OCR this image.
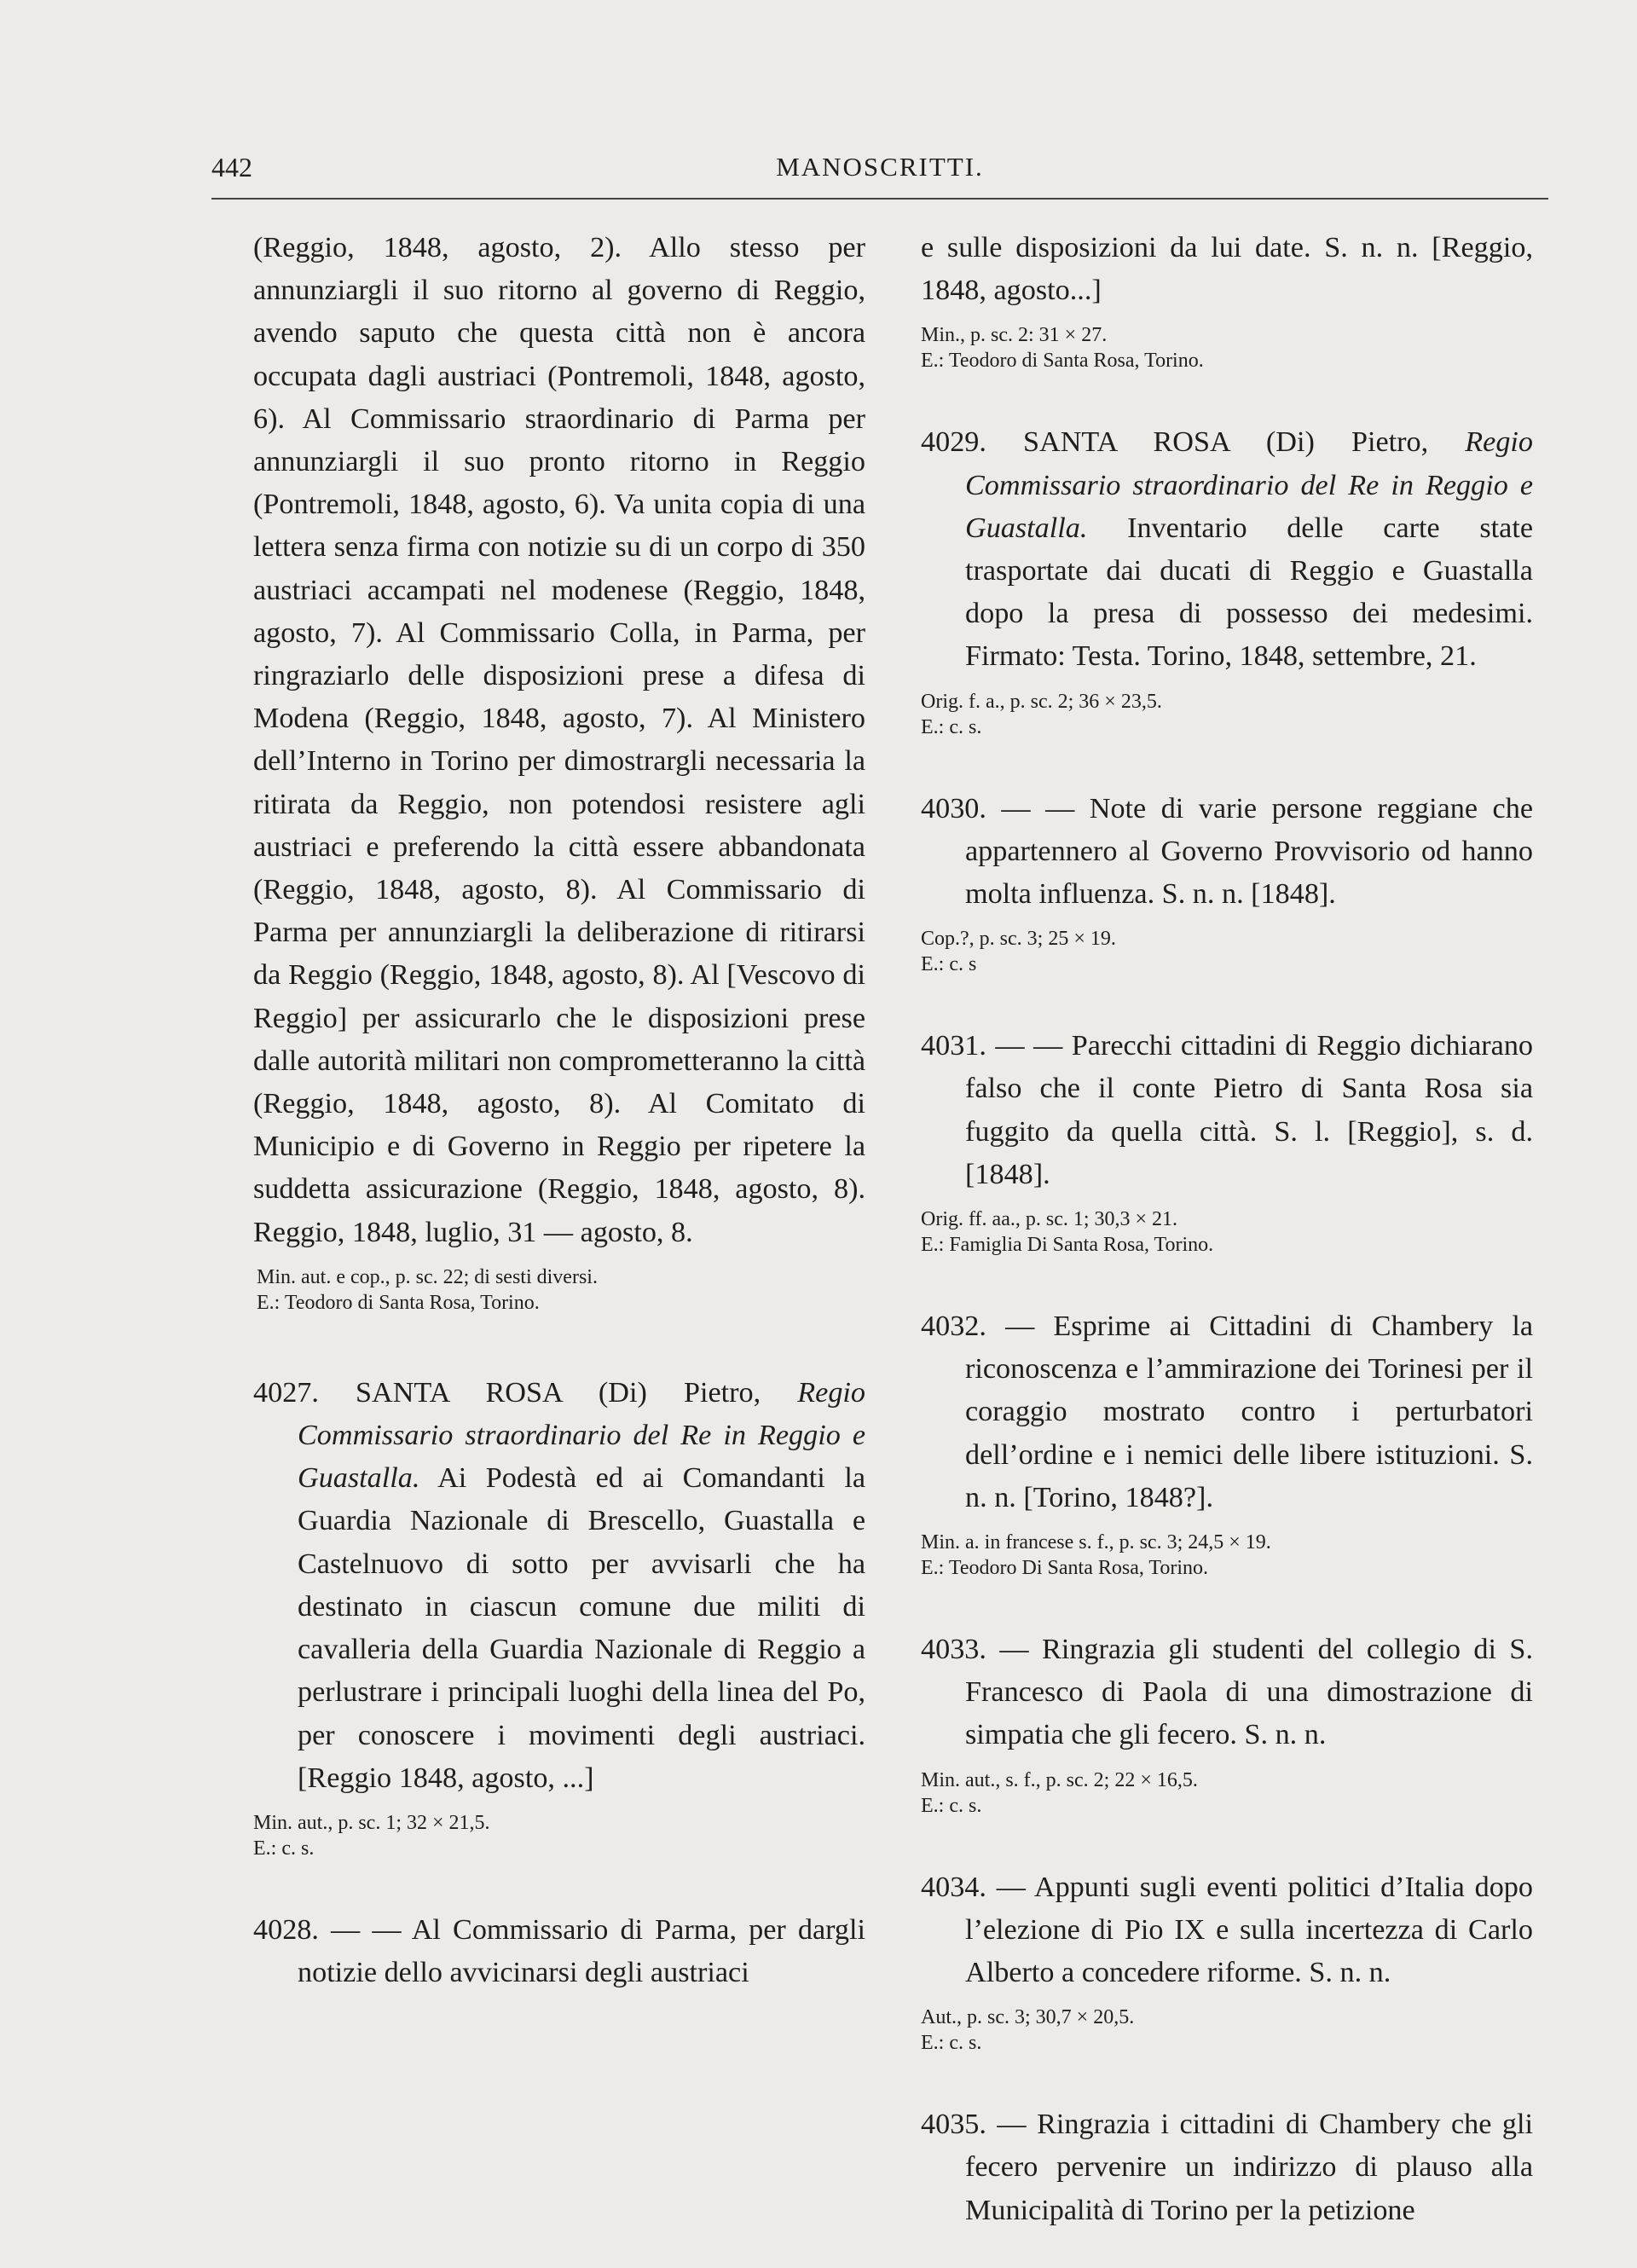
442	MANOSCRITTI.

(Reggio, 1848, agosto, 2). Allo stesso per annunziargli il suo ritorno al governo di Reggio, avendo saputo che questa città non è ancora occupata dagli austriaci (Pontremoli, 1848, agosto, 6). Al Commissario straordinario di Parma per annunziargli il suo pronto ritorno in Reggio (Pontremoli, 1848, agosto, 6). Va unita copia di una lettera senza firma con notizie su di un corpo di 350 austriaci accampati nel modenese (Reggio, 1848, agosto, 7). Al Commissario Colla, in Parma, per ringraziarlo delle disposizioni prese a difesa di Modena (Reggio, 1848, agosto, 7). Al Ministero dell’Interno in Torino per dimostrargli necessaria la ritirata da Reggio, non potendosi resistere agli austriaci e preferendo la città essere abbandonata (Reggio, 1848, agosto, 8). Al Commissario di Parma per annunziargli la deliberazione di ritirarsi da Reggio (Reggio, 1848, agosto, 8). Al [Vescovo di Reggio] per assicurarlo che le disposizioni prese dalle autorità militari non comprometteranno la città (Reggio, 1848, agosto, 8). Al Comitato di Municipio e di Governo in Reggio per ripetere la suddetta assicurazione (Reggio, 1848, agosto, 8). Reggio, 1848, luglio, 31 — agosto, 8.

Min. aut. e cop., p. sc. 22; di sesti diversi.
E.: Teodoro di Santa Rosa, Torino.

4027. SANTA ROSA (Di) Pietro, Regio Commissario straordinario del Re in Reggio e Guastalla. Ai Podestà ed ai Comandanti la Guardia Nazionale di Brescello, Guastalla e Castelnuovo di sotto per avvisarli che ha destinato in ciascun comune due militi di cavalleria della Guardia Nazionale di Reggio a perlustrare i principali luoghi della linea del Po, per conoscere i movimenti degli austriaci. [Reggio 1848, agosto, ...]

Min. aut., p. sc. 1; 32 × 21,5.
E.: c. s.

4028. — — Al Commissario di Parma, per dargli notizie dello avvicinarsi degli austriaci

e sulle disposizioni da lui date. S. n. n. [Reggio, 1848, agosto...]

Min., p. sc. 2: 31 × 27.
E.: Teodoro di Santa Rosa, Torino.

4029. SANTA ROSA (Di) Pietro, Regio Commissario straordinario del Re in Reggio e Guastalla. Inventario delle carte state trasportate dai ducati di Reggio e Guastalla dopo la presa di possesso dei medesimi. Firmato: Testa. Torino, 1848, settembre, 21.

Orig. f. a., p. sc. 2; 36 × 23,5.
E.: c. s.

4030. — — Note di varie persone reggiane che appartennero al Governo Provvisorio od hanno molta influenza. S. n. n. [1848].

Cop.?, p. sc. 3; 25 × 19.
E.: c. s

4031. — — Parecchi cittadini di Reggio dichiarano falso che il conte Pietro di Santa Rosa sia fuggito da quella città. S. l. [Reggio], s. d. [1848].

Orig. ff. aa., p. sc. 1; 30,3 × 21.
E.: Famiglia Di Santa Rosa, Torino.

4032. — Esprime ai Cittadini di Chambery la riconoscenza e l’ammirazione dei Torinesi per il coraggio mostrato contro i perturbatori dell’ordine e i nemici delle libere istituzioni. S. n. n. [Torino, 1848?].

Min. a. in francese s. f., p. sc. 3; 24,5 × 19.
E.: Teodoro Di Santa Rosa, Torino.

4033. — Ringrazia gli studenti del collegio di S. Francesco di Paola di una dimostrazione di simpatia che gli fecero. S. n. n.

Min. aut., s. f., p. sc. 2; 22 × 16,5.
E.: c. s.

4034. — Appunti sugli eventi politici d’Italia dopo l’elezione di Pio IX e sulla incertezza di Carlo Alberto a concedere riforme. S. n. n.

Aut., p. sc. 3; 30,7 × 20,5.
E.: c. s.

4035. — Ringrazia i cittadini di Chambery che gli fecero pervenire un indirizzo di plauso alla Municipalità di Torino per la petizione
